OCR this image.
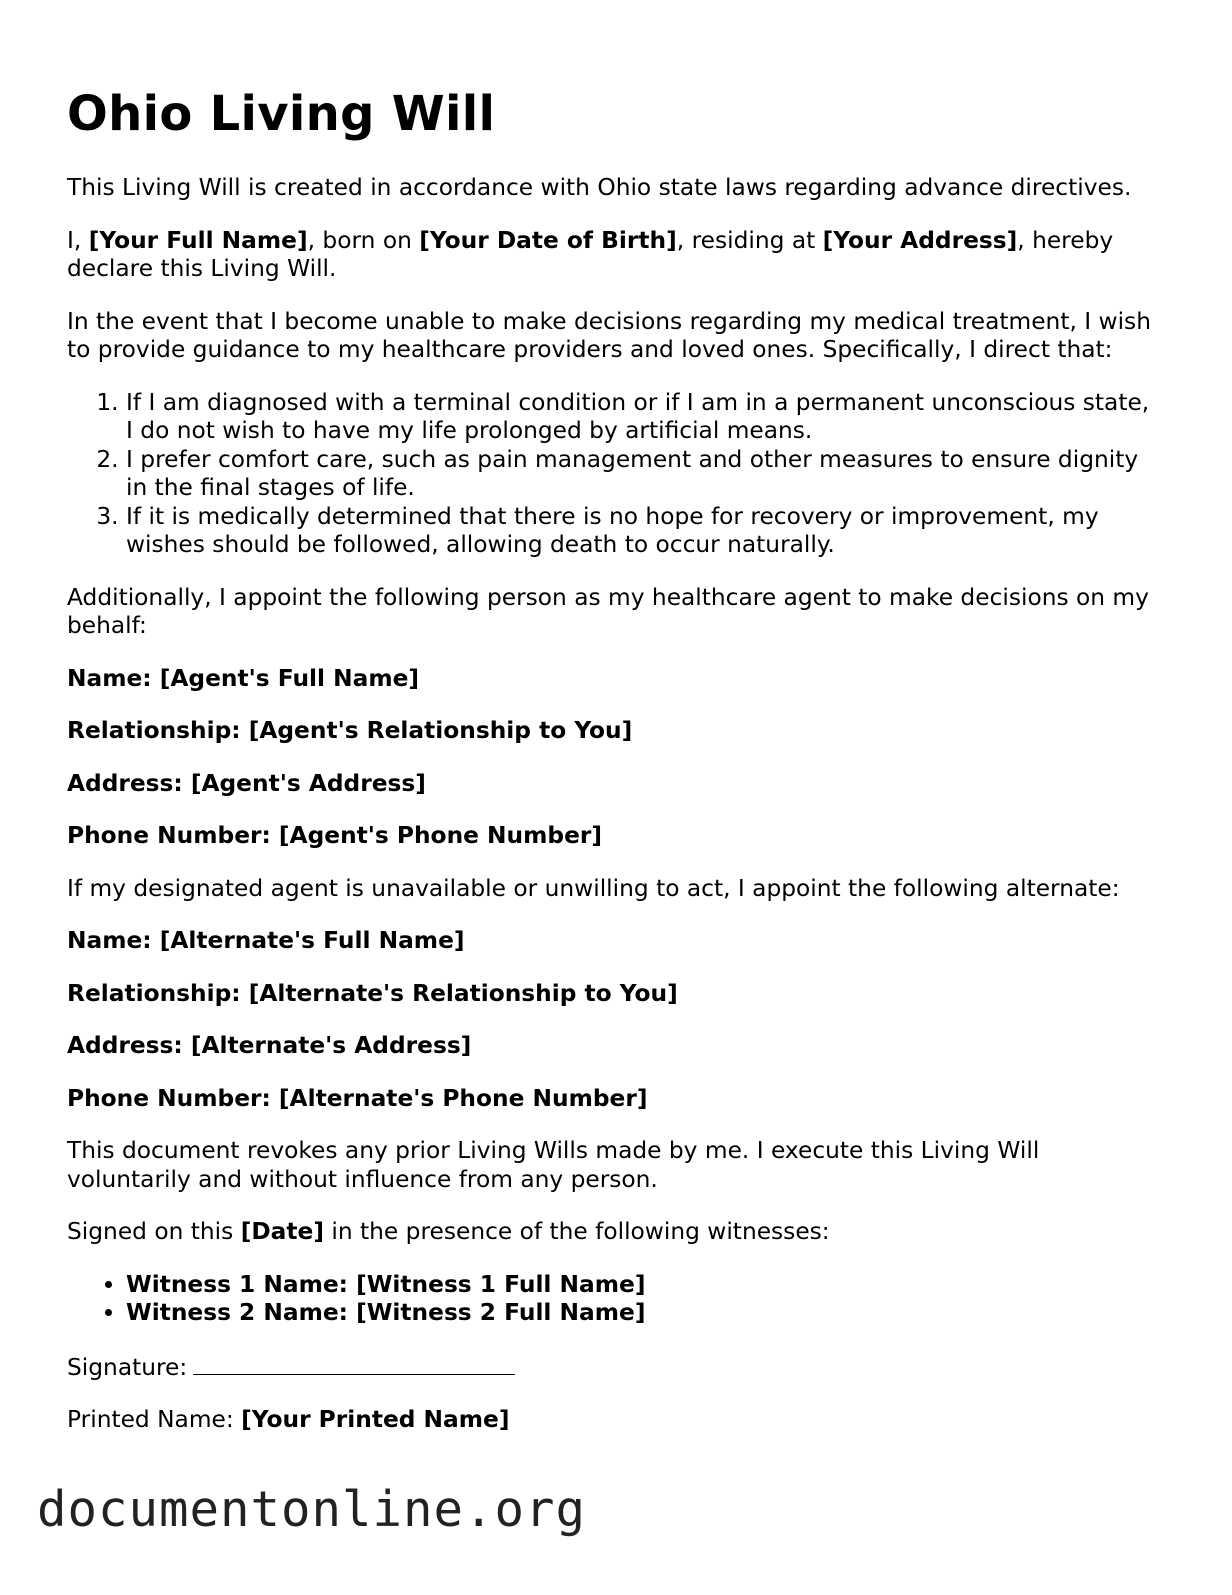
Ohio Living Will

This Living Will is created in accordance with Ohio state laws regarding advance directives.

I, [Your Full Name], born on [Your Date of Birth], residing at [Your Address], hereby declare this Living Will.

In the event that I become unable to make decisions regarding my medical treatment, I wish to provide guidance to my healthcare providers and loved ones. Specifically, I direct that:

1. If I am diagnosed with a terminal condition or if I am in a permanent unconscious state, I do not wish to have my life prolonged by artificial means.
2. I prefer comfort care, such as pain management and other measures to ensure dignity in the final stages of life.
3. If it is medically determined that there is no hope for recovery or improvement, my wishes should be followed, allowing death to occur naturally.

Additionally, I appoint the following person as my healthcare agent to make decisions on my behalf:

Name: [Agent's Full Name]

Relationship: [Agent's Relationship to You]

Address: [Agent's Address]

Phone Number: [Agent's Phone Number]

If my designated agent is unavailable or unwilling to act, I appoint the following alternate:

Name: [Alternate's Full Name]

Relationship: [Alternate's Relationship to You]

Address: [Alternate's Address]

Phone Number: [Alternate's Phone Number]

This document revokes any prior Living Wills made by me. I execute this Living Will voluntarily and without influence from any person.

Signed on this [Date] in the presence of the following witnesses:

• Witness 1 Name: [Witness 1 Full Name]
• Witness 2 Name: [Witness 2 Full Name]

Signature:

Printed Name: [Your Printed Name]

documentonline.org
